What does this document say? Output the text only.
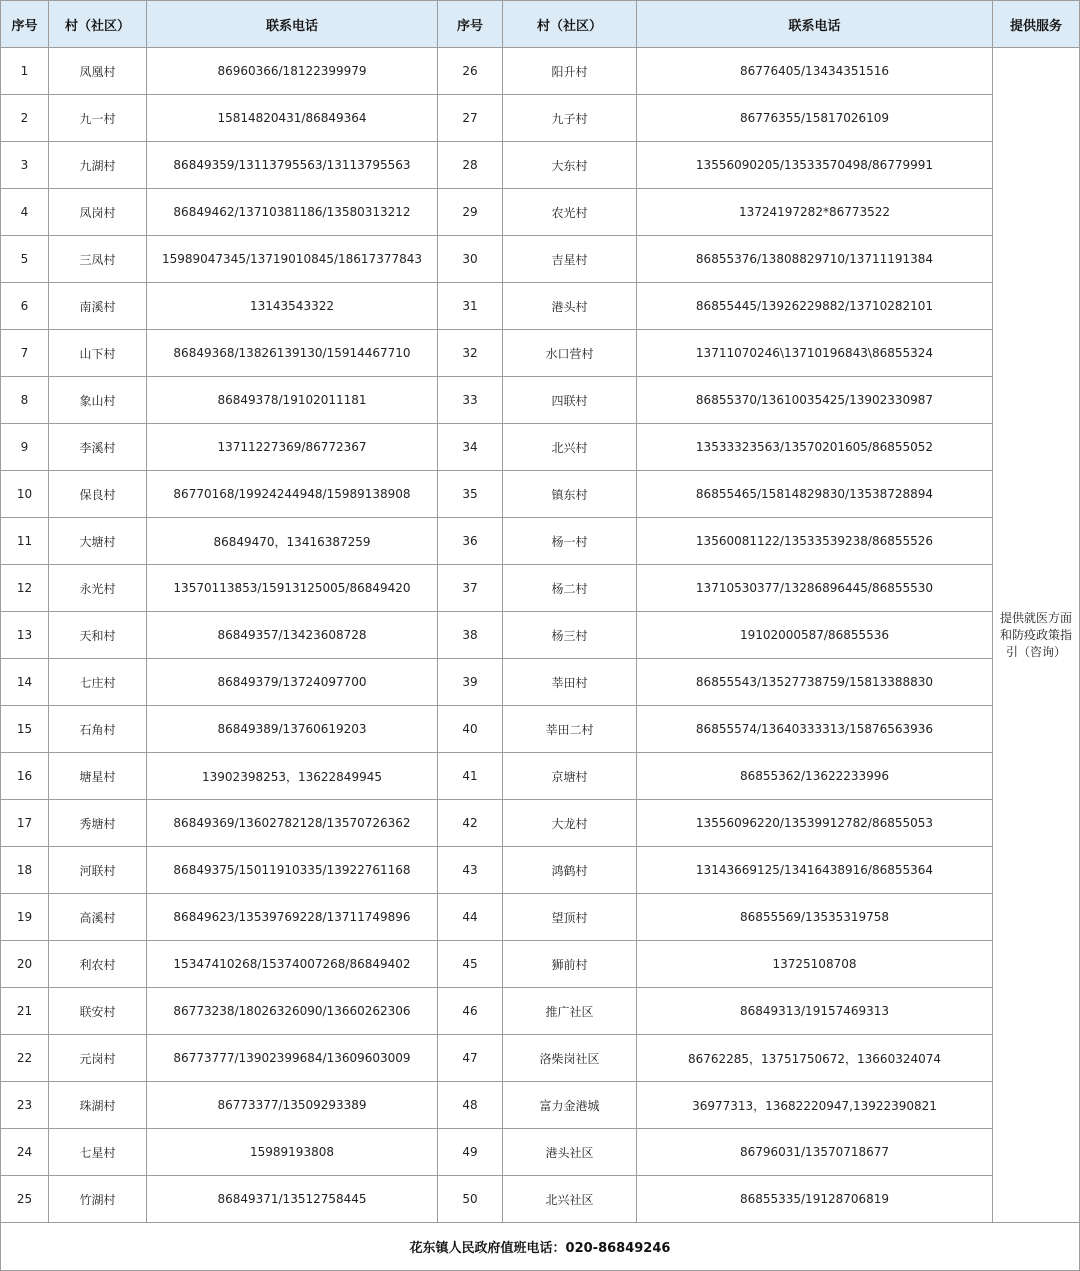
序号	村（社区）	联系电话	序号	村（社区）	联系电话	提供服务
1	凤凰村	86960366/18122399979	26	阳升村	86776405/13434351516	提供就医方面和防疫政策指引（咨询）
2	九一村	15814820431/86849364	27	九子村	86776355/15817026109	
3	九湖村	86849359/13113795563/13113795563	28	大东村	13556090205/13533570498/86779991	
4	凤岗村	86849462/13710381186/13580313212	29	农光村	13724197282*86773522	
5	三凤村	15989047345/13719010845/18617377843	30	吉星村	86855376/13808829710/13711191384	
6	南溪村	13143543322	31	港头村	86855445/13926229882/13710282101	
7	山下村	86849368/13826139130/15914467710	32	水口营村	13711070246\13710196843\86855324	
8	象山村	86849378/19102011181	33	四联村	86855370/13610035425/13902330987	
9	李溪村	13711227369/86772367	34	北兴村	13533323563/13570201605/86855052	
10	保良村	86770168/19924244948/15989138908	35	镇东村	86855465/15814829830/13538728894	
11	大塘村	86849470，13416387259	36	杨一村	13560081122/13533539238/86855526	
12	永光村	13570113853/15913125005/86849420	37	杨二村	13710530377/13286896445/86855530	
13	天和村	86849357/13423608728	38	杨三村	19102000587/86855536	
14	七庄村	86849379/13724097700	39	莘田村	86855543/13527738759/15813388830	
15	石角村	86849389/13760619203	40	莘田二村	86855574/13640333313/15876563936	
16	塘星村	13902398253，13622849945	41	京塘村	86855362/13622233996	
17	秀塘村	86849369/13602782128/13570726362	42	大龙村	13556096220/13539912782/86855053	
18	河联村	86849375/15011910335/13922761168	43	鸿鹤村	13143669125/13416438916/86855364	
19	高溪村	86849623/13539769228/13711749896	44	望顶村	86855569/13535319758	
20	利农村	15347410268/15374007268/86849402	45	狮前村	13725108708	
21	联安村	86773238/18026326090/13660262306	46	推广社区	86849313/19157469313	
22	元岗村	86773777/13902399684/13609603009	47	洛柴岗社区	86762285，13751750672，13660324074	
23	珠湖村	86773377/13509293389	48	富力金港城	36977313，13682220947,13922390821	
24	七星村	15989193808	49	港头社区	86796031/13570718677	
25	竹湖村	86849371/13512758445	50	北兴社区	86855335/19128706819	
花东镇人民政府值班电话：020-86849246						
